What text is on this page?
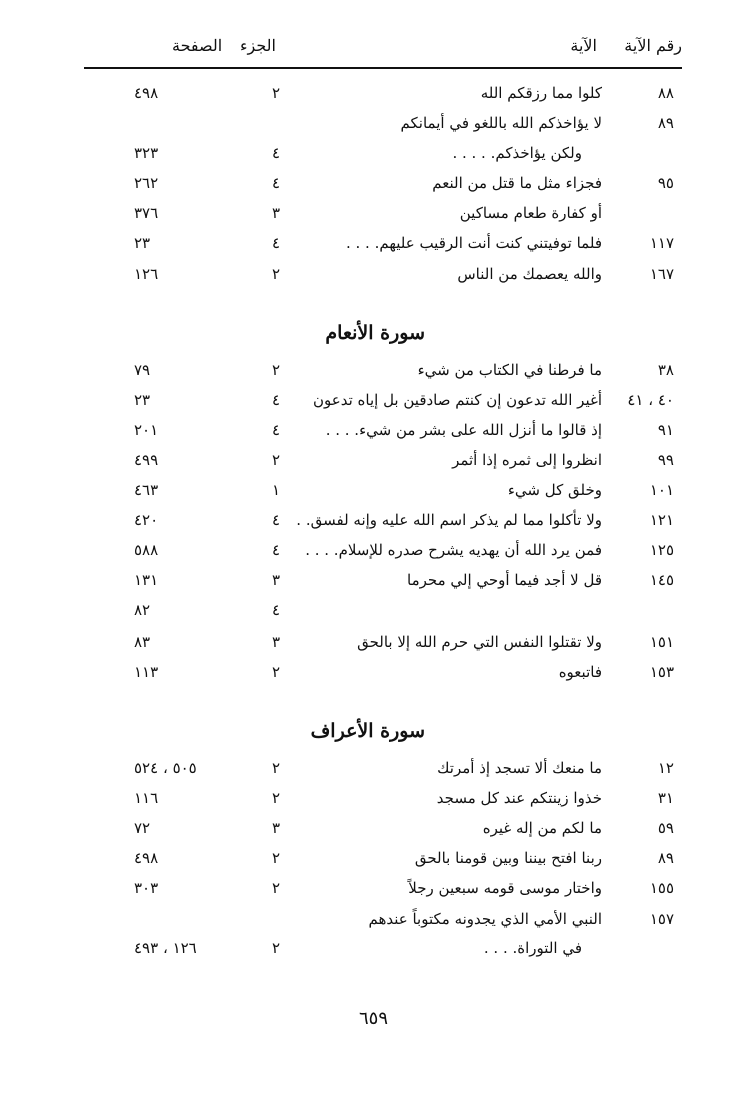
رقم الآية
الآية
الجزء
الصفحة
٨٨
كلوا مما رزقكم الله
٢
٤٩٨
٨٩
لا يؤاخذكم الله باللغو في أيمانكم
ولكن يؤاخذكم. . . . .
٤
٣٢٣
٩٥
فجزاء مثل ما قتل من النعم
٤
٢٦٢
أو كفارة طعام مساكين
٣
٣٧٦
١١٧
فلما توفيتني كنت أنت الرقيب عليهم. . . .
٤
٢٣
١٦٧
والله يعصمك من الناس
٢
١٢٦
سورة الأنعام
٣٨
ما فرطنا في الكتاب من شيء
٢
٧٩
٤٠ ، ٤١
أغير الله تدعون إن كنتم صادقين بل إياه تدعون
٤
٢٣
٩١
إذ قالوا ما أنزل الله على بشر من شيء. . . .
٤
٢٠١
٩٩
انظروا إلى ثمره إذا أثمر
٢
٤٩٩
١٠١
وخلق كل شيء
١
٤٦٣
١٢١
ولا تأكلوا مما لم يذكر اسم الله عليه وإنه لفسق. .
٤
٤٢٠
١٢٥
فمن يرد الله أن يهديه يشرح صدره للإسلام. . . .
٤
٥٨٨
١٤٥
قل لا أجد فيما أوحي إلي محرما
٣
١٣١
٤
٨٢
١٥١
ولا تقتلوا النفس التي حرم الله إلا بالحق
٣
٨٣
١٥٣
فاتبعوه
٢
١١٣
سورة الأعراف
١٢
ما منعك ألا تسجد إذ أمرتك
٢
٥٠٥ ، ٥٢٤
٣١
خذوا زينتكم عند كل مسجد
٢
١١٦
٥٩
ما لكم من إله غيره
٣
٧٢
٨٩
ربنا افتح بيننا وبين قومنا بالحق
٢
٤٩٨
١٥٥
واختار موسى قومه سبعين رجلاً
٢
٣٠٣
١٥٧
النبي الأمي الذي يجدونه مكتوباً عندهم
في التوراة. . . .
٢
١٢٦ ، ٤٩٣
٦٥٩
